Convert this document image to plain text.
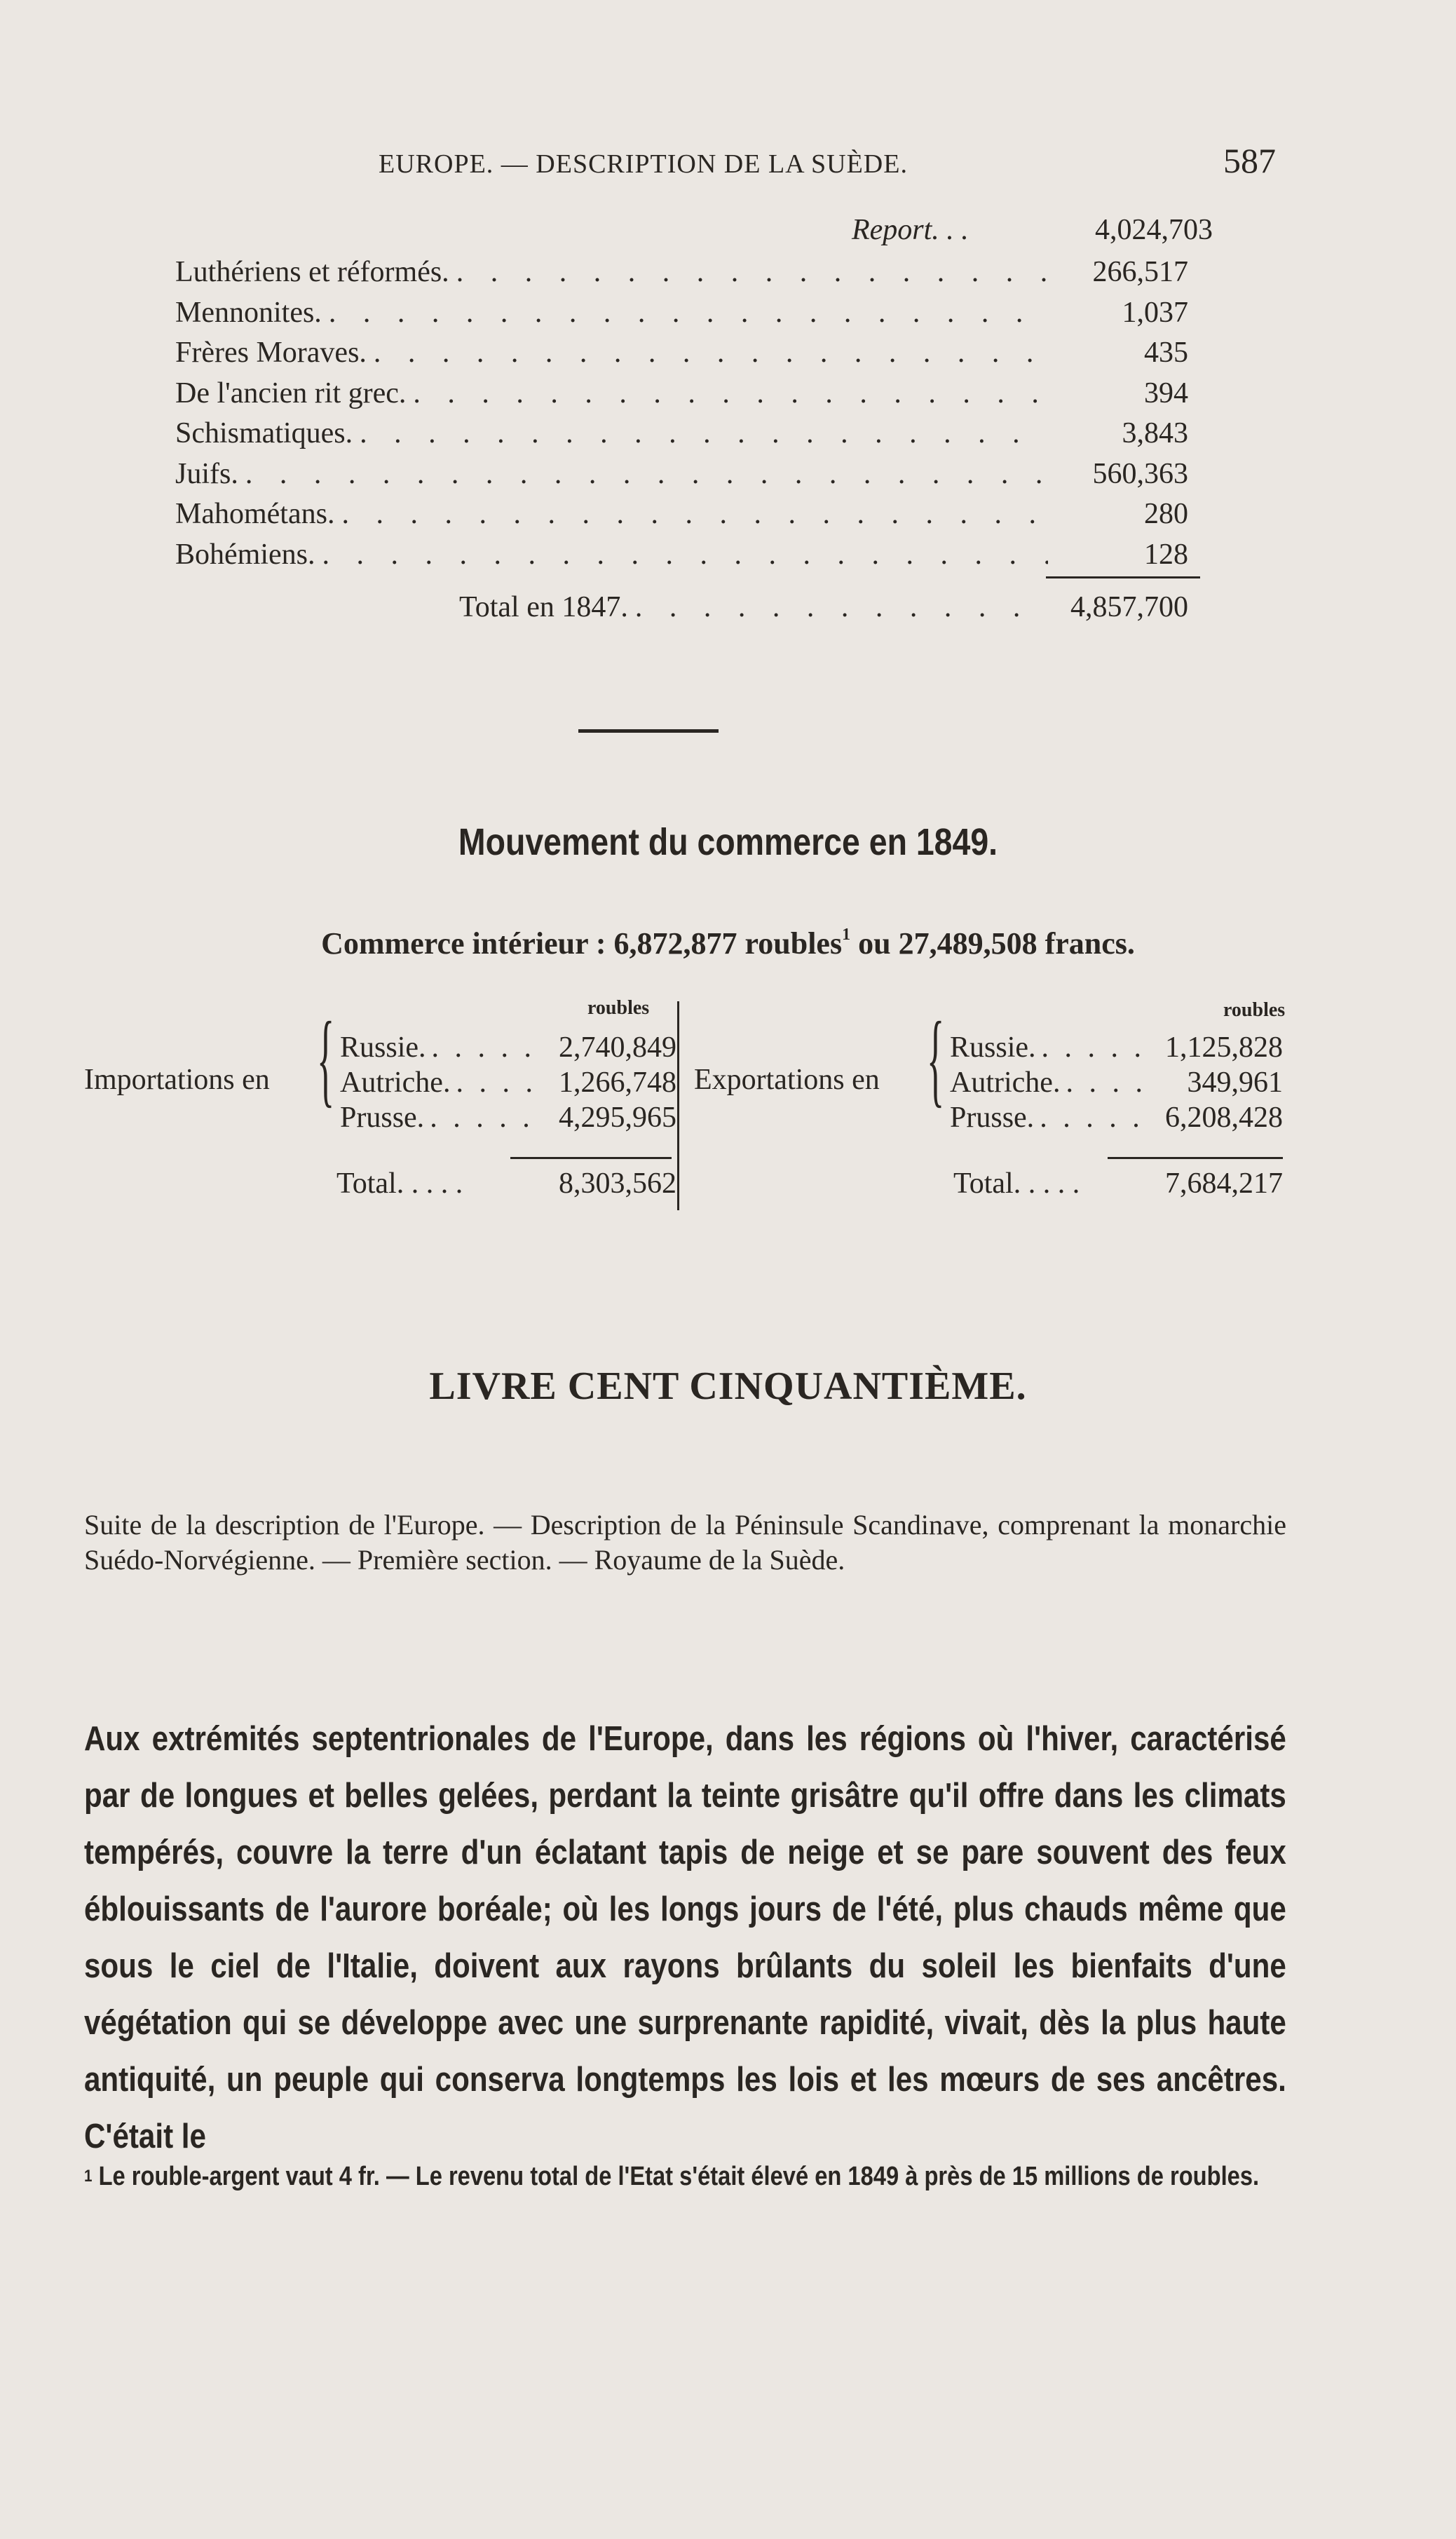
EUROPE. — DESCRIPTION DE LA SUÈDE.	587
Report. . .	4,024,703
Luthériens et réformés. . . .	266,517
Mennonites. . . .	1,037
Frères Moraves. . . .	435
De l'ancien rit grec. . . .	394
Schismatiques. . . .	3,843
Juifs. . . .	560,363
Mahométans. . . .	280
Bohémiens. . . .	128
Total en 1847. . . .	4,857,700
Mouvement du commerce en 1849.
Commerce intérieur : 6,872,877 roubles$^1$ ou 27,489,508 francs.
roubles
Importations en { Russie. . . .	2,740,849
Autriche. . . .	1,266,748
Prusse. . . .	4,295,965
Total. . . . .	8,303,562
roubles
Exportations en { Russie. . . .	1,125,828
Autriche. . . .	349,961
Prusse. . . .	6,208,428
Total. . . . .	7,684,217
LIVRE CENT CINQUANTIÈME.
Suite de la description de l'Europe. — Description de la Péninsule Scandinave, comprenant la monarchie Suédo-Norvégienne. — Première section. — Royaume de la Suède.
Aux extrémités septentrionales de l'Europe, dans les régions où l'hiver, caractérisé par de longues et belles gelées, perdant la teinte grisâtre qu'il offre dans les climats tempérés, couvre la terre d'un éclatant tapis de neige et se pare souvent des feux éblouissants de l'aurore boréale; où les longs jours de l'été, plus chauds même que sous le ciel de l'Italie, doivent aux rayons brûlants du soleil les bienfaits d'une végétation qui se développe avec une surprenante rapidité, vivait, dès la plus haute antiquité, un peuple qui conserva longtemps les lois et les mœurs de ses ancêtres. C'était le
$^1$ Le rouble-argent vaut 4 fr. — Le revenu total de l'Etat s'était élevé en 1849 à près de 15 millions de roubles.
